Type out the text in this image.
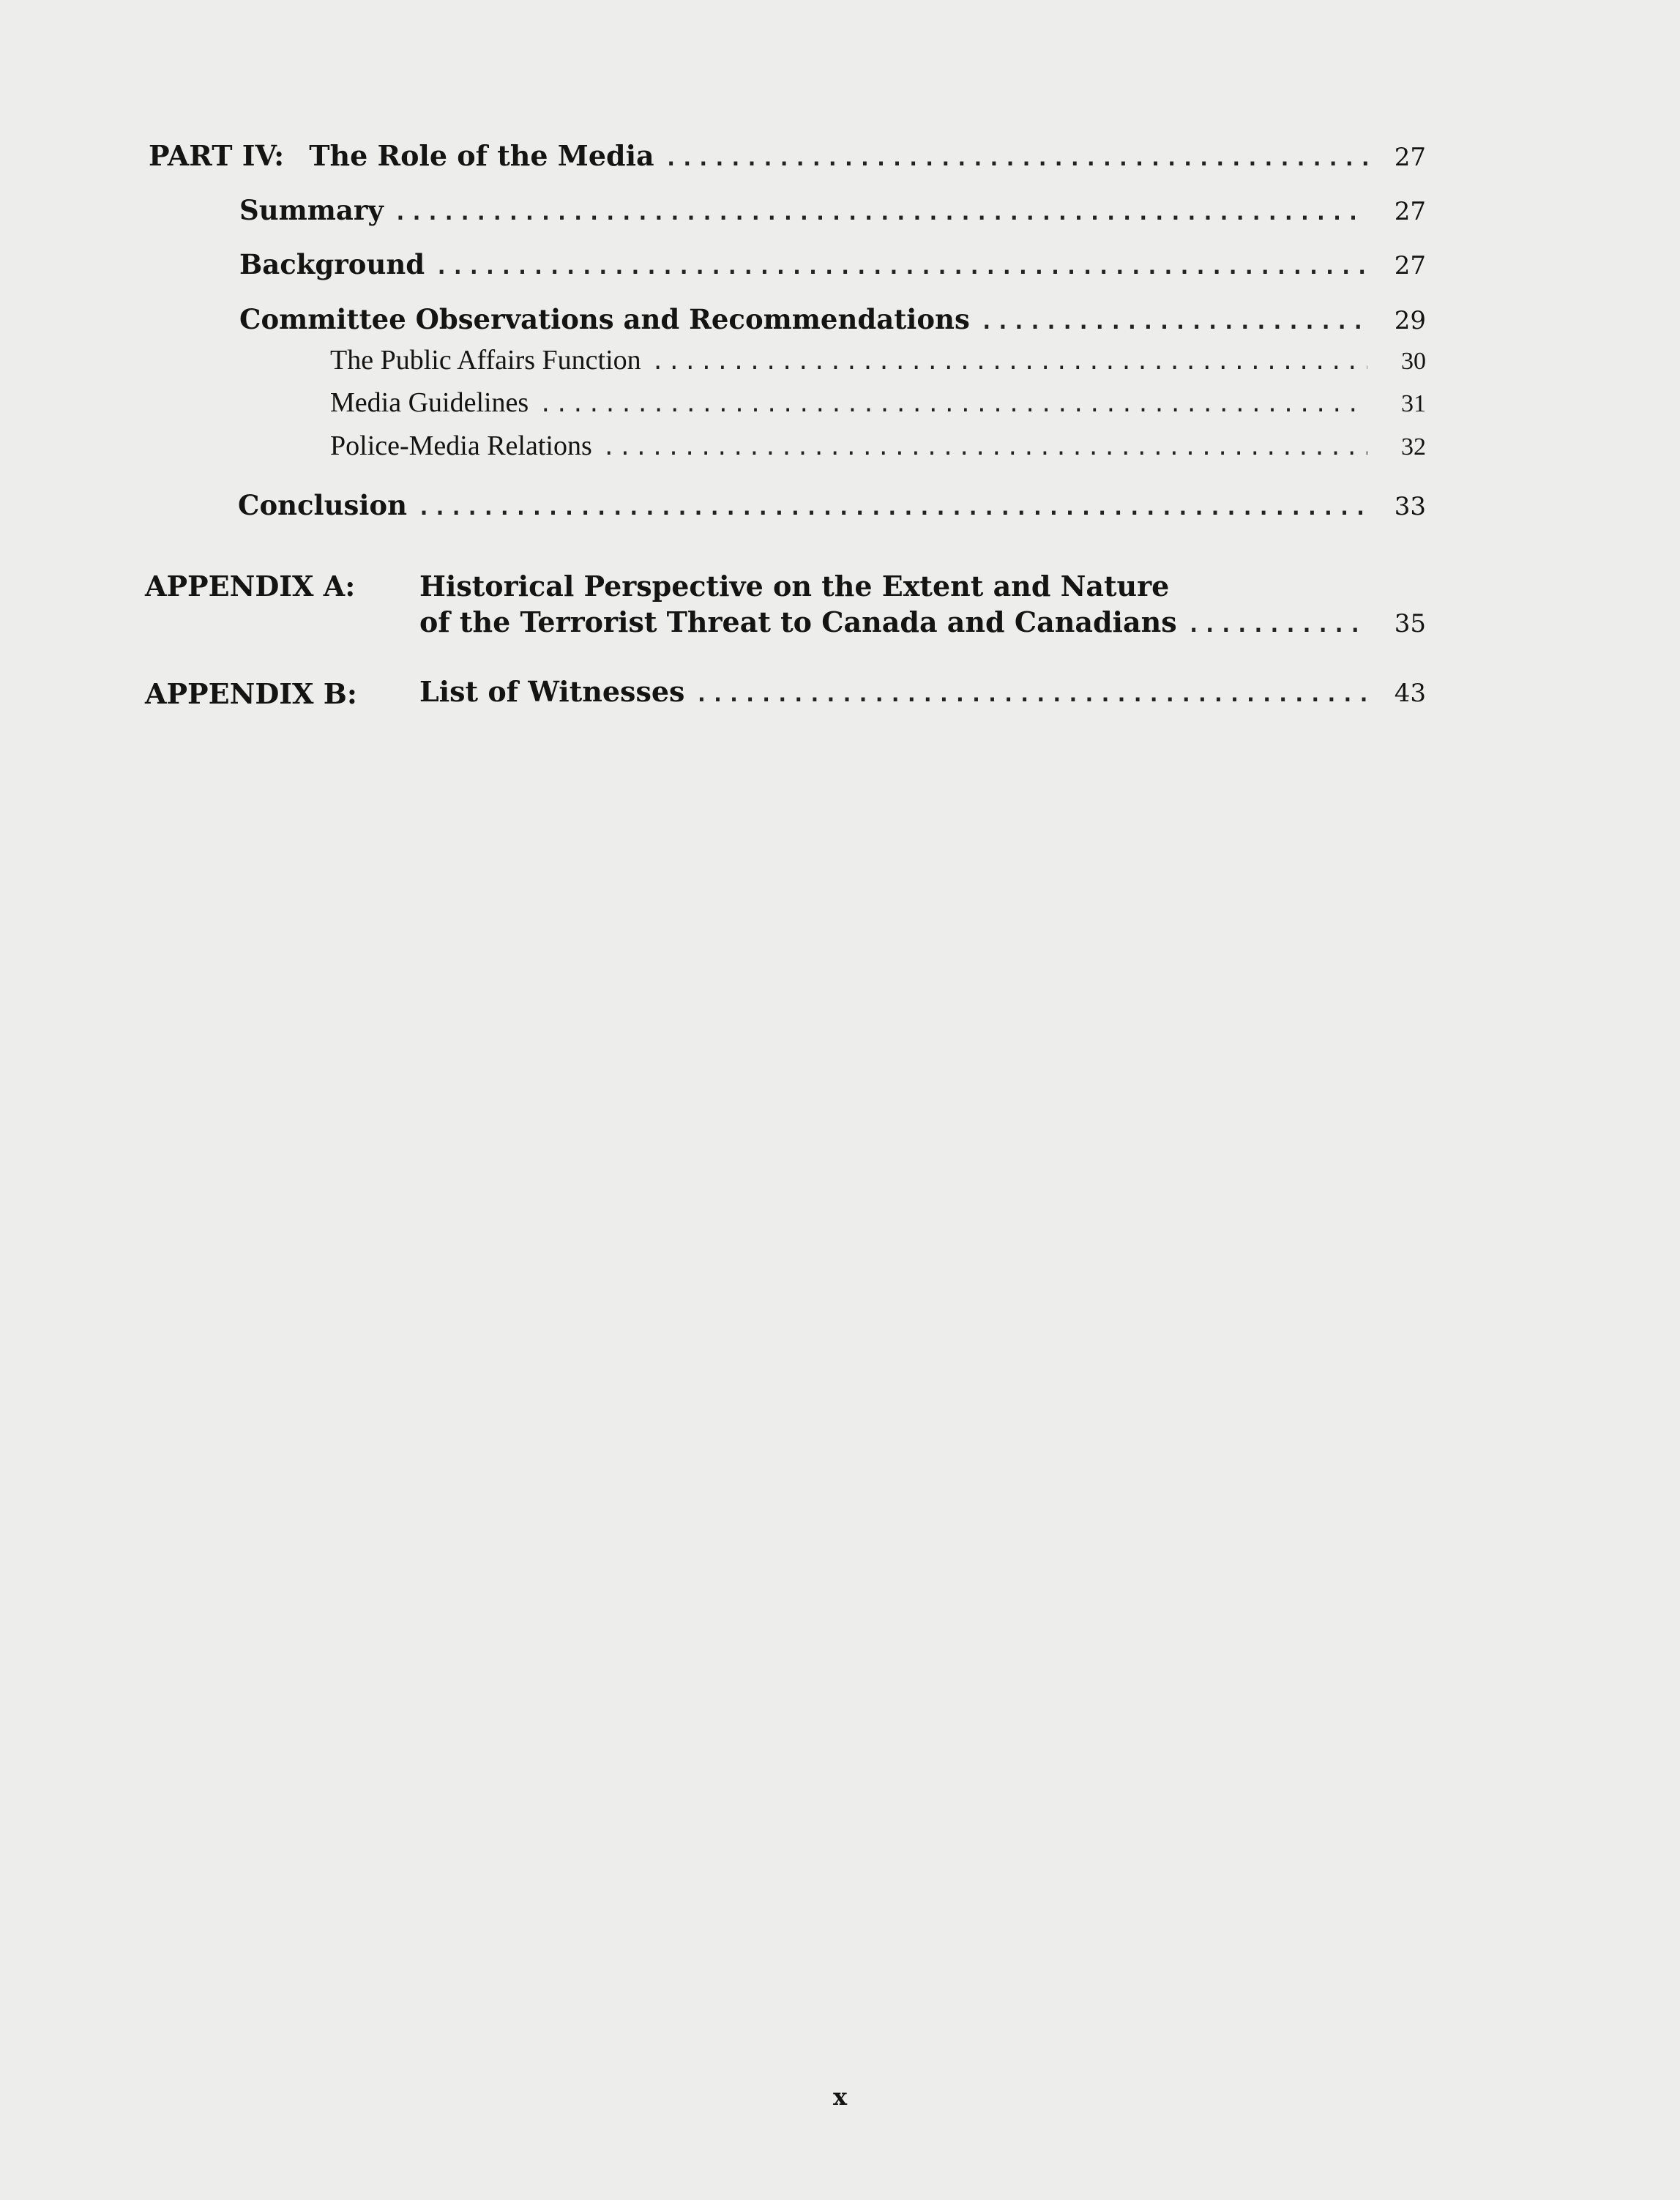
PART IV: The Role of the Media .....	27
Summary .....	27
Background .....	27
Committee Observations and Recommendations .....	29
The Public Affairs Function .....	30
Media Guidelines .....	31
Police-Media Relations .....	32
Conclusion .....	33
APPENDIX A: Historical Perspective on the Extent and Nature
of the Terrorist Threat to Canada and Canadians .....	35
APPENDIX B: List of Witnesses .....	43
x
